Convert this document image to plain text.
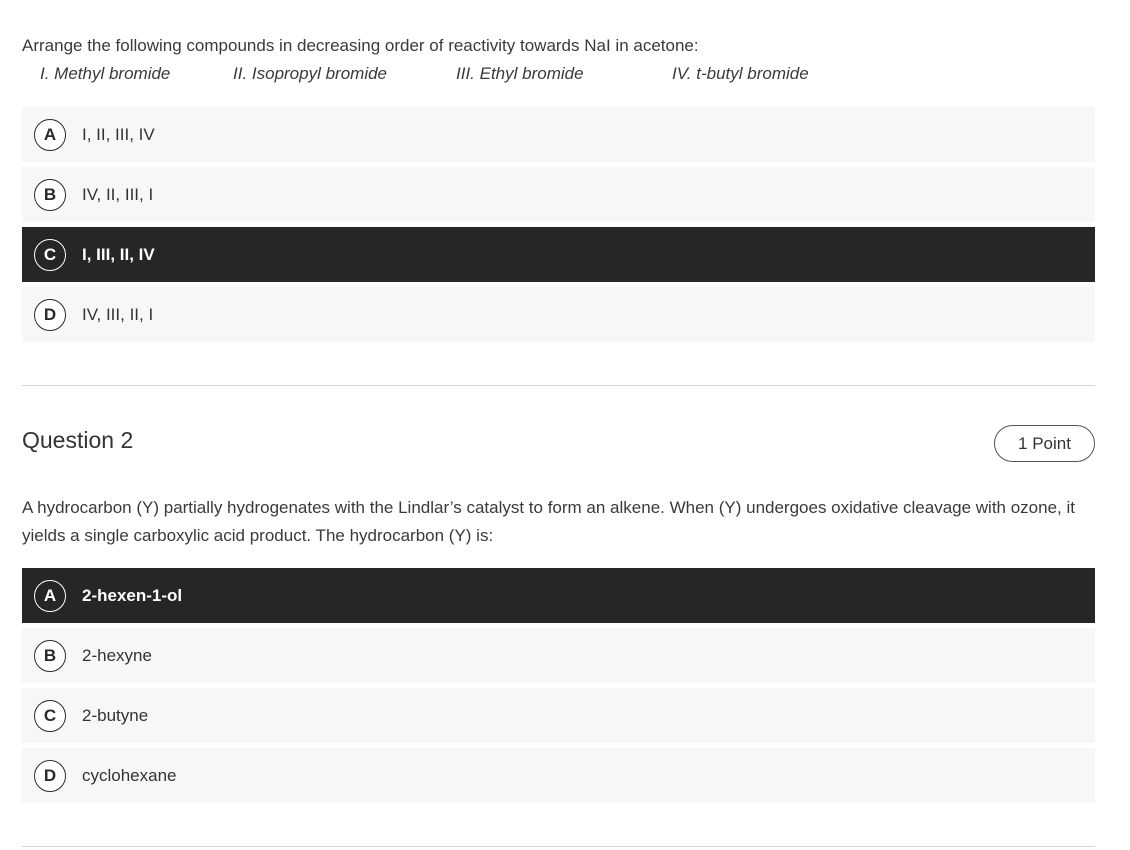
Arrange the following compounds in decreasing order of reactivity towards NaI in acetone:
I. Methyl bromide	II. Isopropyl bromide	III. Ethyl bromide	IV. t-butyl bromide
A	I, II, III, IV
B	IV, II, III, I
C	I, III, II, IV
D	IV, III, II, I
Question 2	1 Point
A hydrocarbon (Y) partially hydrogenates with the Lindlar’s catalyst to form an alkene. When (Y) undergoes oxidative cleavage with ozone, it yields a single carboxylic acid product. The hydrocarbon (Y) is:
A	2-hexen-1-ol
B	2-hexyne
C	2-butyne
D	cyclohexane
